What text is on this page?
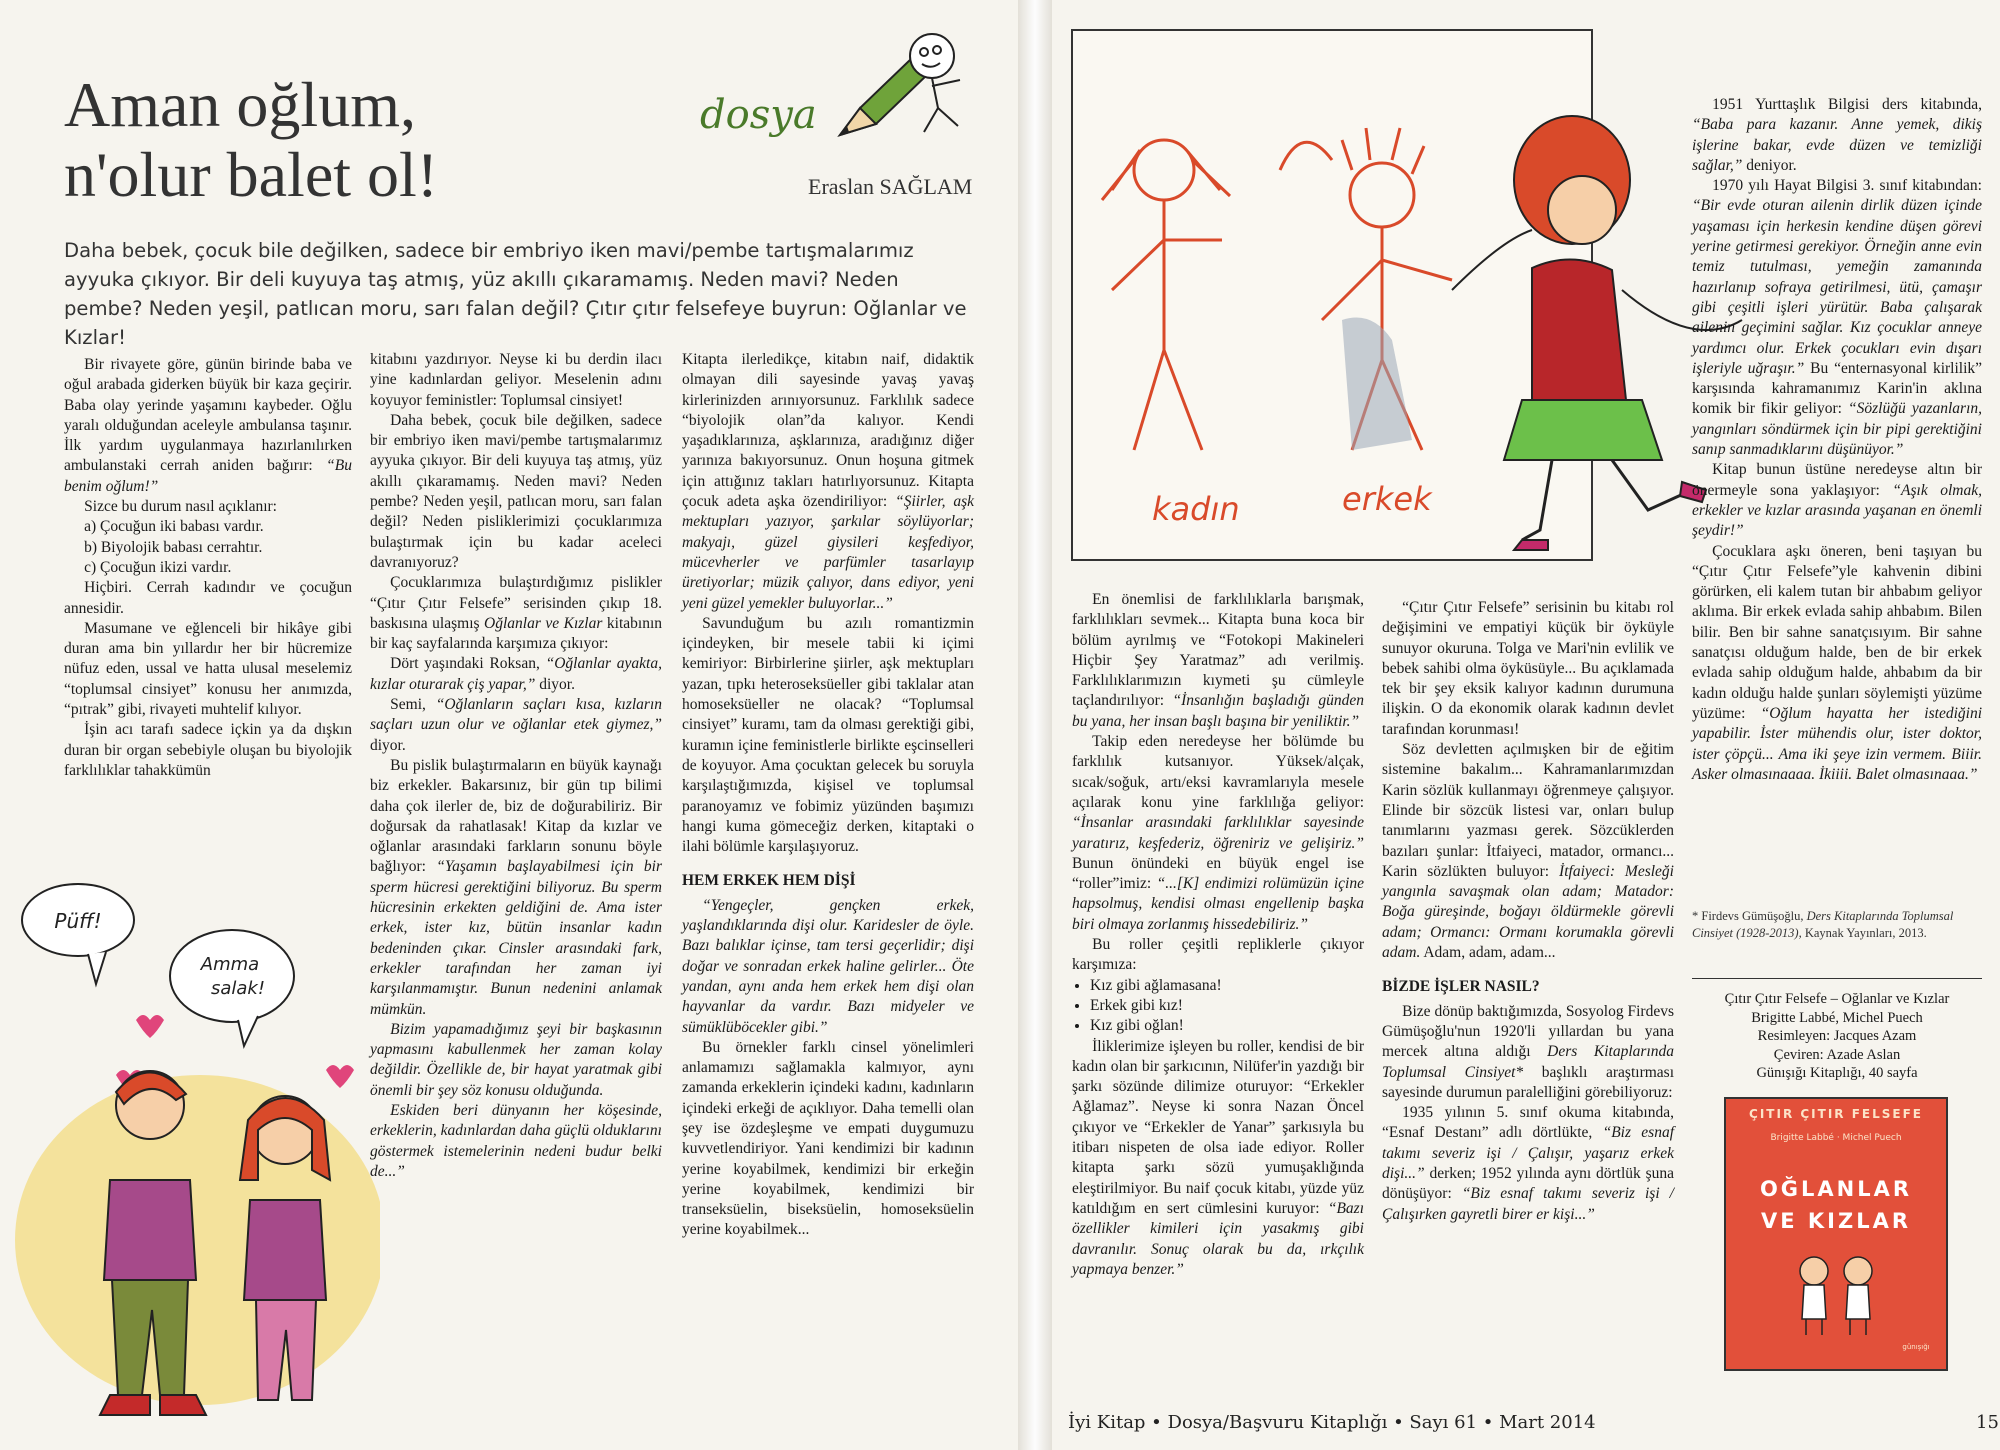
Aman oğlum,
n'olur balet ol!
dosya
Eraslan SAĞLAM

Daha bebek, çocuk bile değilken, sadece bir embriyo iken mavi/pembe tartışmalarımız ayyuka çıkıyor. Bir deli kuyuya taş atmış, yüz akıllı çıkaramamış. Neden mavi? Neden pembe? Neden yeşil, patlıcan moru, sarı falan değil? Çıtır çıtır felsefeye buyrun: Oğlanlar ve Kızlar!

Bir rivayete göre, günün birinde baba ve oğul arabada giderken büyük bir kaza geçirir. Baba olay yerinde yaşamını kaybeder. Oğlu yaralı olduğundan aceleyle ambulansa taşınır. İlk yardım uygulanmaya hazırlanılırken ambulanstaki cerrah aniden bağırır: “Bu benim oğlum!”

Sizce bu durum nasıl açıklanır:

a) Çocuğun iki babası vardır.

b) Biyolojik babası cerrahtır.

c) Çocuğun ikizi vardır.

Hiçbiri. Cerrah kadındır ve çocuğun annesidir.

Masumane ve eğlenceli bir hikâye gibi duran ama bin yıllardır her bir hücremize nüfuz eden, ussal ve hatta ulusal meselemiz “toplumsal cinsiyet” konusu her anımızda, “pıtrak” gibi, rivayeti muhtelif kılıyor.

İşin acı tarafı sadece içkin ya da dışkın duran bir organ sebebiyle oluşan bu biyolojik farklılıklar tahakkümün

Püff!
Amma
salak!

kitabını yazdırıyor. Neyse ki bu derdin ilacı yine kadınlardan geliyor. Meselenin adını koyuyor feministler: Toplumsal cinsiyet!

Daha bebek, çocuk bile değilken, sadece bir embriyo iken mavi/pembe tartışmalarımız ayyuka çıkıyor. Bir deli kuyuya taş atmış, yüz akıllı çıkaramamış. Neden mavi? Neden pembe? Neden yeşil, patlıcan moru, sarı falan değil? Neden pisliklerimizi çocuklarımıza bulaştırmak için bu kadar aceleci davranıyoruz?

Çocuklarımıza bulaştırdığımız pislikler “Çıtır Çıtır Felsefe” serisinden çıkıp 18. baskısına ulaşmış Oğlanlar ve Kızlar kitabının bir kaç sayfalarında karşımıza çıkıyor:

Dört yaşındaki Roksan, “Oğlanlar ayakta, kızlar oturarak çiş yapar,” diyor.

Semi, “Oğlanların saçları kısa, kızların saçları uzun olur ve oğlanlar etek giymez,” diyor.

Bu pislik bulaştırmaların en büyük kaynağı biz erkekler. Bakarsınız, bir gün tıp bilimi daha çok ilerler de, biz de doğurabiliriz. Bir doğursak da rahatlasak! Kitap da kızlar ve oğlanlar arasındaki farkların sonunu böyle bağlıyor: “Yaşamın başlayabilmesi için bir sperm hücresi gerektiğini biliyoruz. Bu sperm hücresinin erkekten geldiğini de. Ama ister erkek, ister kız, bütün insanlar kadın bedeninden çıkar. Cinsler arasındaki fark, erkekler tarafından her zaman iyi karşılanmamıştır. Bunun nedenini anlamak mümkün.

Bizim yapamadığımız şeyi bir başkasının yapmasını kabullenmek her zaman kolay değildir. Özellikle de, bir hayat yaratmak gibi önemli bir şey söz konusu olduğunda.

Eskiden beri dünyanın her köşesinde, erkeklerin, kadınlardan daha güçlü olduklarını göstermek istemelerinin nedeni budur belki de...”

Kitapta ilerledikçe, kitabın naif, didaktik olmayan dili sayesinde yavaş yavaş kirlerinizden arınıyorsunuz. Farklılık sadece “biyolojik olan”da kalıyor. Kendi yaşadıklarınıza, aşklarınıza, aradığınız diğer yarınıza bakıyorsunuz. Onun hoşuna gitmek için attığınız takları hatırlıyorsunuz. Kitapta çocuk adeta aşka özendiriliyor: “Şiirler, aşk mektupları yazıyor, şarkılar söylüyorlar; makyajı, güzel giysileri keşfediyor, mücevherler ve parfümler tasarlayıp üretiyorlar; müzik çalıyor, dans ediyor, yeni yeni güzel yemekler buluyorlar...”

Savunduğum bu azılı romantizmin içindeyken, bir mesele tabii ki içimi kemiriyor: Birbirlerine şiirler, aşk mektupları yazan, tıpkı heteroseksüeller gibi taklalar atan homoseksüeller ne olacak? “Toplumsal cinsiyet” kuramı, tam da olması gerektiği gibi, kuramın içine feministlerle birlikte eşcinselleri de koyuyor. Ama çocuktan gelecek bu soruyla karşılaştığımızda, kişisel ve toplumsal paranoyamız ve fobimiz yüzünden başımızı hangi kuma gömeceğiz derken, kitaptaki o ilahi bölümle karşılaşıyoruz.

HEM ERKEK HEM DİŞİ

“Yengeçler, gençken erkek, yaşlandıklarında dişi olur. Karidesler de öyle. Bazı balıklar içinse, tam tersi geçerlidir; dişi doğar ve sonradan erkek haline gelirler... Öte yandan, aynı anda hem erkek hem dişi olan hayvanlar da vardır. Bazı midyeler ve sümüklüböcekler gibi.”

Bu örnekler farklı cinsel yönelimleri anlamamızı sağlamakla kalmıyor, aynı zamanda erkeklerin içindeki kadını, kadınların içindeki erkeği de açıklıyor. Daha temelli olan şey ise özdeşleşme ve empati duygumuzu kuvvetlendiriyor. Yani kendimizi bir kadının yerine koyabilmek, kendimizi bir erkeğin yerine koyabilmek, kendimizi bir transeksüelin, biseksüelin, homoseksüelin yerine koyabilmek...

kadın	erkek

En önemlisi de farklılıklarla barışmak, farklılıkları sevmek... Kitapta buna koca bir bölüm ayrılmış ve “Fotokopi Makineleri Hiçbir Şey Yaratmaz” adı verilmiş. Farklılıklarımızın kıymeti şu cümleyle taçlandırılıyor: “İnsanlığın başladığı günden bu yana, her insan başlı başına bir yeniliktir.”

Takip eden neredeyse her bölümde bu farklılık kutsanıyor. Yüksek/alçak, sıcak/soğuk, artı/eksi kavramlarıyla mesele açılarak konu yine farklılığa geliyor: “İnsanlar arasındaki farklılıklar sayesinde yaratırız, keşfederiz, öğreniriz ve gelişiriz.” Bunun önündeki en büyük engel ise “roller”imiz: “...[K] endimizi rolümüzün içine hapsolmuş, kendisi olması engellenip başka biri olmaya zorlanmış hissedebiliriz.”

Bu roller çeşitli repliklerle çıkıyor karşımıza:

• Kız gibi ağlamasana!
• Erkek gibi kız!
• Kız gibi oğlan!

İliklerimize işleyen bu roller, kendisi de bir kadın olan bir şarkıcının, Nilüfer'in yazdığı bir şarkı sözünde dilimize oturuyor: “Erkekler Ağlamaz”. Neyse ki sonra Nazan Öncel çıkıyor ve “Erkekler de Yanar” şarkısıyla bu itibarı nispeten de olsa iade ediyor. Roller kitapta şarkı sözü yumuşaklığında eleştirilmiyor. Bu naif çocuk kitabı, yüzde yüz katıldığım en sert cümlesini kuruyor: “Bazı özellikler kimileri için yasakmış gibi davranılır. Sonuç olarak bu da, ırkçılık yapmaya benzer.”

“Çıtır Çıtır Felsefe” serisinin bu kitabı rol değişimini ve empatiyi küçük bir öyküyle sunuyor okuruna. Tolga ve Mari'nin evlilik ve bebek sahibi olma öyküsüyle... Bu açıklamada tek bir şey eksik kalıyor kadının durumuna ilişkin. O da ekonomik olarak kadının devlet tarafından korunması!

Söz devletten açılmışken bir de eğitim sistemine bakalım... Kahramanlarımızdan Karin sözlük kullanmayı öğrenmeye çalışıyor. Elinde bir sözcük listesi var, onları bulup tanımlarını yazması gerek. Sözcüklerden bazıları şunlar: İtfaiyeci, matador, ormancı... Karin sözlükten buluyor: İtfaiyeci: Mesleği yangınla savaşmak olan adam; Matador: Boğa güreşinde, boğayı öldürmekle görevli adam; Ormancı: Ormanı korumakla görevli adam. Adam, adam, adam...

BİZDE İŞLER NASIL?

Bize dönüp baktığımızda, Sosyolog Firdevs Gümüşoğlu'nun 1920'li yıllardan bu yana mercek altına aldığı Ders Kitaplarında Toplumsal Cinsiyet* başlıklı araştırması sayesinde durumun paralelliğini görebiliyoruz:

1935 yılının 5. sınıf okuma kitabında, “Esnaf Destanı” adlı dörtlükte, “Biz esnaf takımı severiz işi / Çalışır, yaşarız erkek dişi...” derken; 1952 yılında aynı dörtlük şuna dönüşüyor: “Biz esnaf takımı severiz işi / Çalışırken gayretli birer er kişi...”

1951 Yurttaşlık Bilgisi ders kitabında, “Baba para kazanır. Anne yemek, dikiş işlerine bakar, evde düzen ve temizliği sağlar,” deniyor.

1970 yılı Hayat Bilgisi 3. sınıf kitabından: “Bir evde oturan ailenin dirlik düzen içinde yaşaması için herkesin kendine düşen görevi yerine getirmesi gerekiyor. Örneğin anne evin temiz tutulması, yemeğin zamanında hazırlanıp sofraya getirilmesi, ütü, çamaşır gibi çeşitli işleri yürütür. Baba çalışarak ailenin geçimini sağlar. Kız çocuklar anneye yardımcı olur. Erkek çocukları evin dışarı işleriyle uğraşır.” Bu “enternasyonal kirlilik” karşısında kahramanımız Karin'in aklına komik bir fikir geliyor: “Sözlüğü yazanların, yangınları söndürmek için bir pipi gerektiğini sanıp sanmadıklarını düşünüyor.”

Kitap bunun üstüne neredeyse altın bir önermeyle sona yaklaşıyor: “Aşık olmak, erkekler ve kızlar arasında yaşanan en önemli şeydir!”

Çocuklara aşkı öneren, beni taşıyan bu “Çıtır Çıtır Felsefe”yle kahvenin dibini görürken, eli kalem tutan bir ahbabım geliyor aklıma. Bir erkek evlada sahip ahbabım. Bilen bilir. Ben bir sahne sanatçısıyım. Bir sahne sanatçısı olduğum halde, ben de bir erkek evlada sahip olduğum halde, ahbabım da bir kadın olduğu halde şunları söylemişti yüzüme yüzüme: “Oğlum hayatta her istediğini yapabilir. İster mühendis olur, ister doktor, ister çöpçü... Ama iki şeye izin vermem. Biiir. Asker olmasınaaaa. İkiiii. Balet olmasınaaa.”

* Firdevs Gümüşoğlu, Ders Kitaplarında Toplumsal Cinsiyet (1928-2013), Kaynak Yayınları, 2013.
Çıtır Çıtır Felsefe – Oğlanlar ve Kızlar
Brigitte Labbé, Michel Puech
Resimleyen: Jacques Azam
Çeviren: Azade Aslan
Günışığı Kitaplığı, 40 sayfa
ÇITIR ÇITIR FELSEFE
Brigitte Labbé · Michel Puech
OĞLANLAR
VE KIZLAR
günışığı
15
İyi Kitap • Dosya/Başvuru Kitaplığı • Sayı 61 • Mart 2014
